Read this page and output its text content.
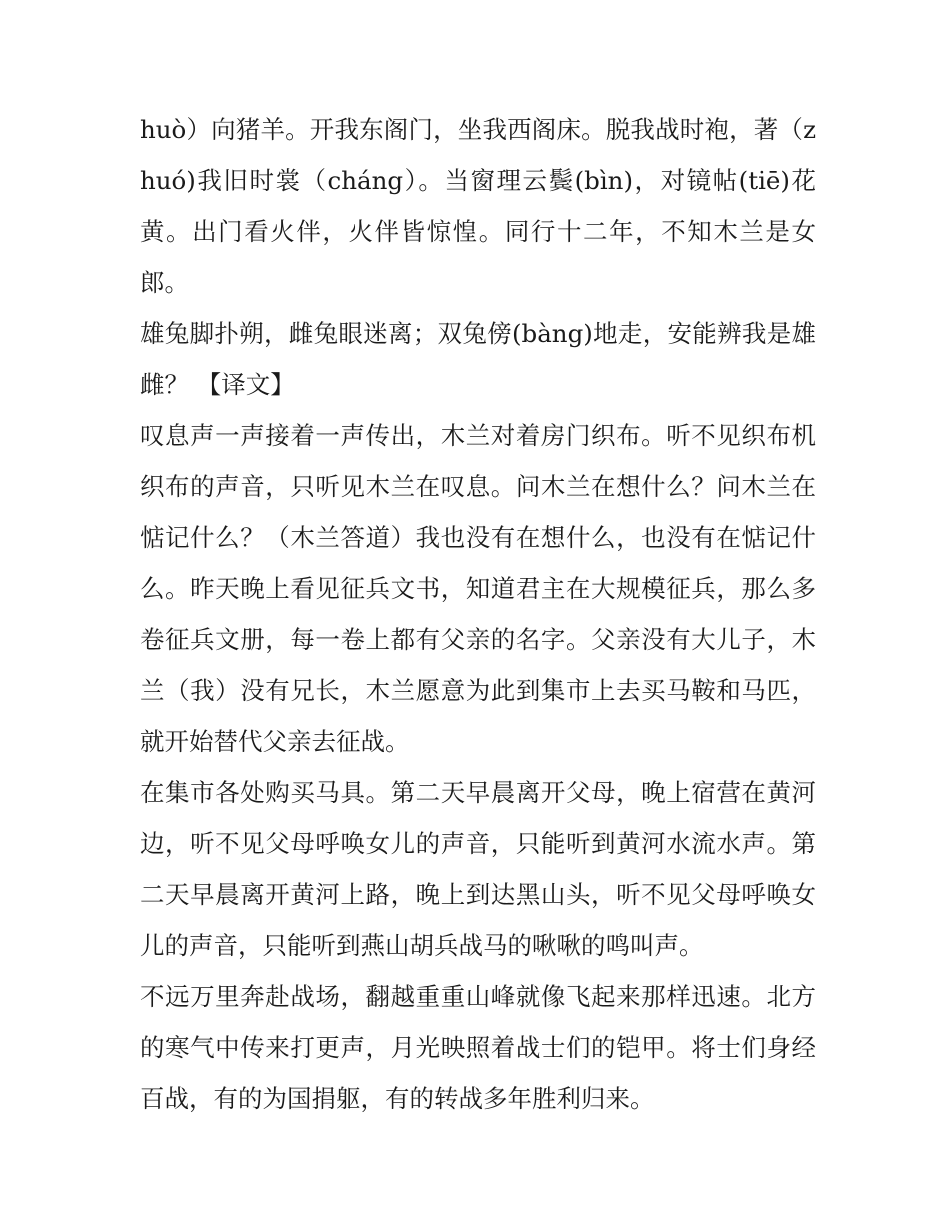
huò）向猪羊。开我东阁门，坐我西阁床。脱我战时袍，著（zhuó)我旧时裳（cháng）。当窗理云鬓(bìn)，对镜帖(tiē)花黄。出门看火伴，火伴皆惊惶。同行十二年，不知木兰是女郎。

雄兔脚扑朔，雌兔眼迷离；双兔傍(bàng)地走，安能辨我是雄雌？ 【译文】

叹息声一声接着一声传出，木兰对着房门织布。听不见织布机织布的声音，只听见木兰在叹息。问木兰在想什么？问木兰在惦记什么？（木兰答道）我也没有在想什么，也没有在惦记什么。昨天晚上看见征兵文书，知道君主在大规模征兵，那么多卷征兵文册，每一卷上都有父亲的名字。父亲没有大儿子，木兰（我）没有兄长，木兰愿意为此到集市上去买马鞍和马匹，就开始替代父亲去征战。

在集市各处购买马具。第二天早晨离开父母，晚上宿营在黄河边，听不见父母呼唤女儿的声音，只能听到黄河水流水声。第二天早晨离开黄河上路，晚上到达黑山头，听不见父母呼唤女儿的声音，只能听到燕山胡兵战马的啾啾的鸣叫声。

不远万里奔赴战场，翻越重重山峰就像飞起来那样迅速。北方的寒气中传来打更声，月光映照着战士们的铠甲。将士们身经百战，有的为国捐躯，有的转战多年胜利归来。
